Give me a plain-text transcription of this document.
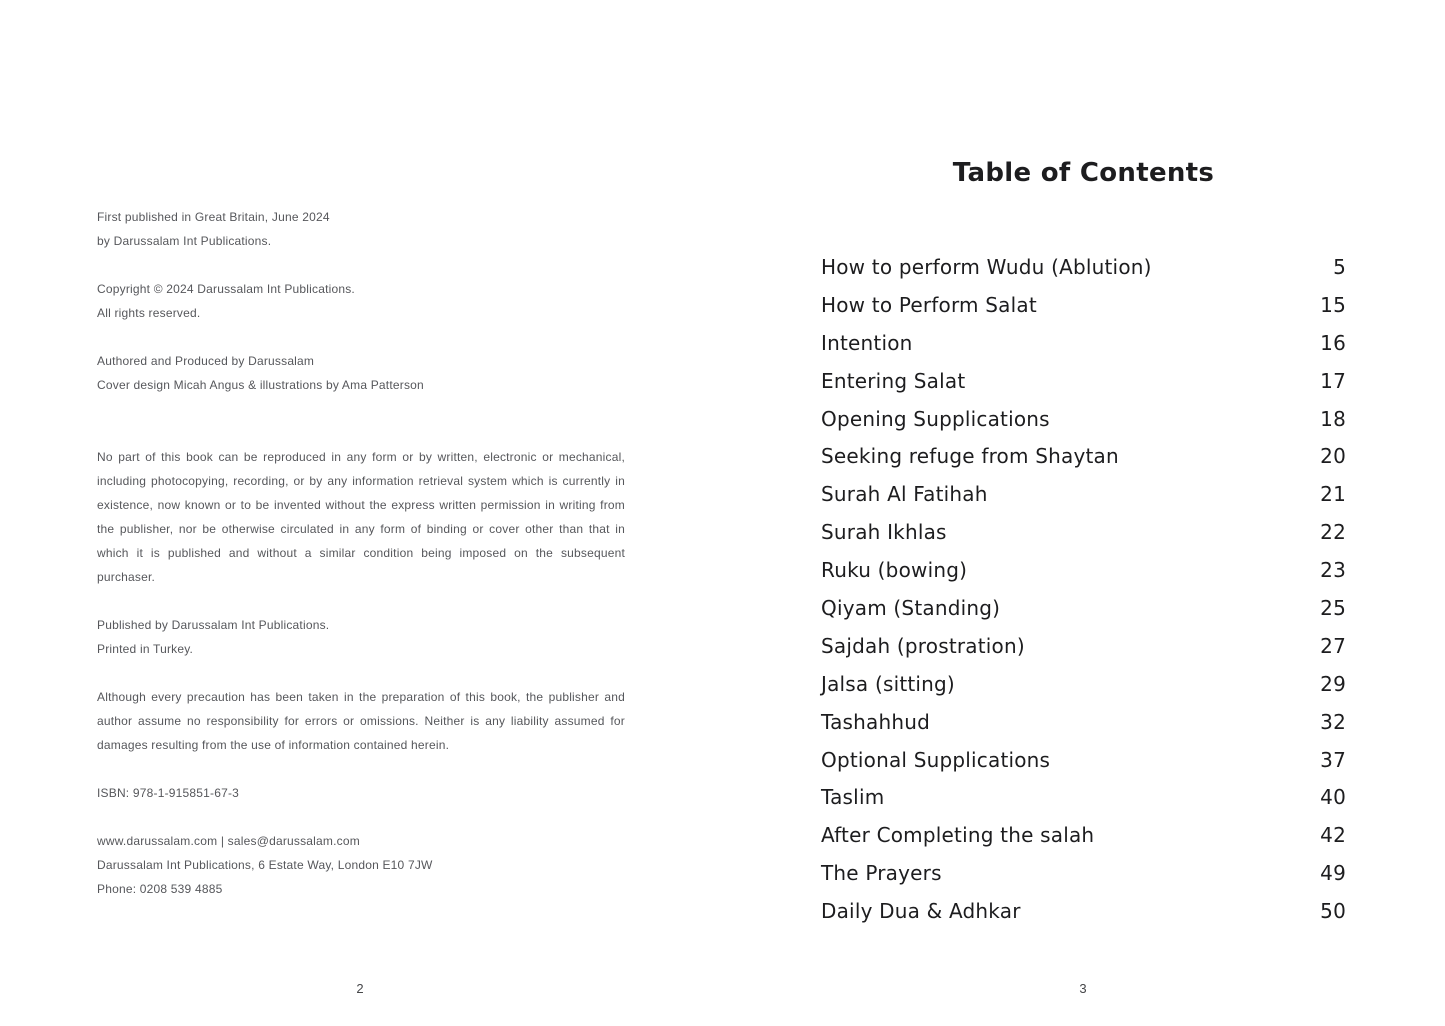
First published in Great Britain, June 2024

by Darussalam Int Publications.

Copyright © 2024 Darussalam Int Publications.

All rights reserved.

Authored and Produced by Darussalam

Cover design Micah Angus & illustrations by Ama Patterson

No part of this book can be reproduced in any form or by written, electronic or mechanical, including photocopying, recording, or by any information retrieval system which is currently in existence, now known or to be invented without the express written permission in writing from the publisher, nor be otherwise circulated in any form of binding or cover other than that in which it is published and without a similar condition being imposed on the subsequent purchaser.

Published by Darussalam Int Publications.

Printed in Turkey.

Although every precaution has been taken in the preparation of this book, the publisher and author assume no responsibility for errors or omissions. Neither is any liability assumed for damages resulting from the use of information contained herein.

ISBN: 978-1-915851-67-3

www.darussalam.com | sales@darussalam.com

Darussalam Int Publications, 6 Estate Way, London E10 7JW

Phone: 0208 539 4885

Table of Contents
How to perform Wudu (Ablution)	5
How to Perform Salat	15
Intention	16
Entering Salat	17
Opening Supplications	18
Seeking refuge from Shaytan	20
Surah Al Fatihah	21
Surah Ikhlas	22
Ruku (bowing)	23
Qiyam (Standing)	25
Sajdah (prostration)	27
Jalsa (sitting)	29
Tashahhud	32
Optional Supplications	37
Taslim	40
After Completing the salah	42
The Prayers	49
Daily Dua & Adhkar	50
2	3
